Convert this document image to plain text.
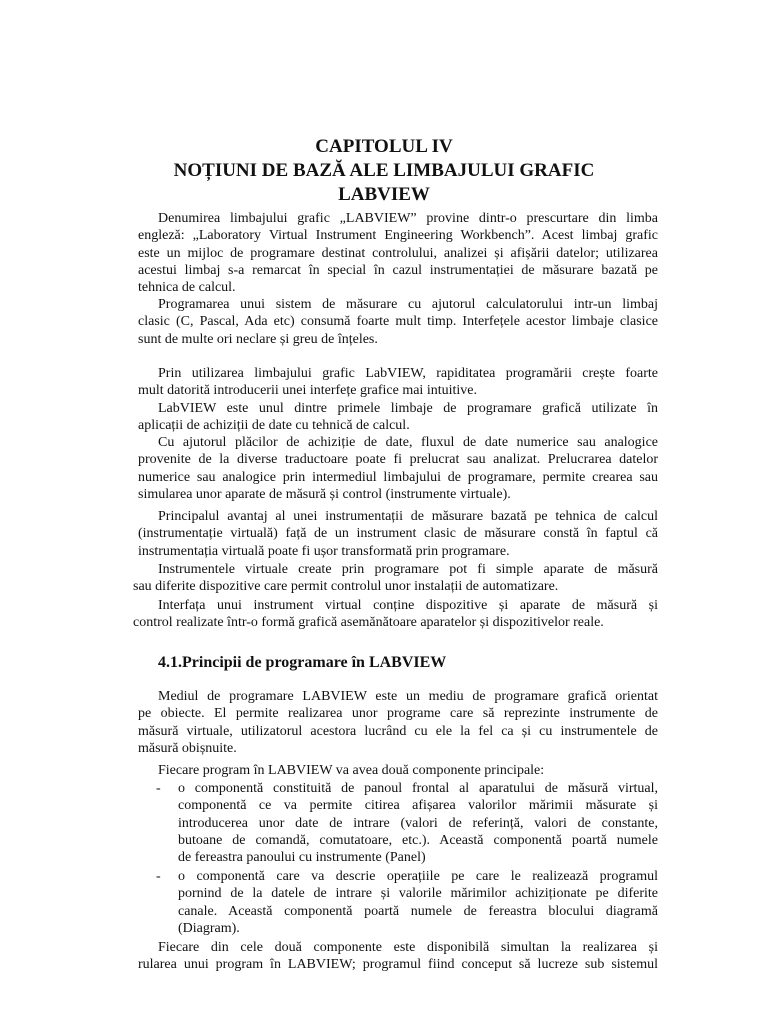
CAPITOLUL IV
NOȚIUNI DE BAZĂ ALE LIMBAJULUI GRAFIC
LABVIEW
Denumirea limbajului grafic „LABVIEW” provine dintr-o prescurtare din limba
engleză: „Laboratory Virtual Instrument Engineering Workbench”. Acest limbaj grafic
este un mijloc de programare destinat controlului, analizei și afișării datelor; utilizarea
acestui limbaj s-a remarcat în special în cazul instrumentației de măsurare bazată pe
tehnica de calcul.
Programarea unui sistem de măsurare cu ajutorul calculatorului intr-un limbaj
clasic (C, Pascal, Ada etc) consumă foarte mult timp. Interfețele acestor limbaje clasice
sunt de multe ori neclare și greu de înțeles.
Prin utilizarea limbajului grafic LabVIEW, rapiditatea programării crește foarte
mult datorită introducerii unei interfețe grafice mai intuitive.
LabVIEW este unul dintre primele limbaje de programare grafică utilizate în
aplicații de achiziții de date cu tehnică de calcul.
Cu ajutorul plăcilor de achiziție de date, fluxul de date numerice sau analogice
provenite de la diverse traductoare poate fi prelucrat sau analizat. Prelucrarea datelor
numerice sau analogice prin intermediul limbajului de programare, permite crearea sau
simularea unor aparate de măsură și control (instrumente virtuale).
Principalul avantaj al unei instrumentații de măsurare bazată pe tehnica de calcul
(instrumentație virtuală) față de un instrument clasic de măsurare constă în faptul că
instrumentația virtuală poate fi ușor transformată prin programare.
Instrumentele virtuale create prin programare pot fi simple aparate de măsură
sau diferite dispozitive care permit controlul unor instalații de automatizare.
Interfața unui instrument virtual conține dispozitive și aparate de măsură și
control realizate într-o formă grafică asemănătoare aparatelor și dispozitivelor reale.
4.1.Principii de programare în LABVIEW
Mediul de programare LABVIEW este un mediu de programare grafică orientat
pe obiecte. El permite realizarea unor programe care să reprezinte instrumente de
măsură virtuale, utilizatorul acestora lucrând cu ele la fel ca și cu instrumentele de
măsură obișnuite.
Fiecare program în LABVIEW va avea două componente principale:
- o componentă constituită de panoul frontal al aparatului de măsură virtual,
componentă ce va permite citirea afișarea valorilor mărimii măsurate și
introducerea unor date de intrare (valori de referință, valori de constante,
butoane de comandă, comutatoare, etc.). Această componentă poartă numele
de fereastra panoului cu instrumente (Panel)
- o componentă care va descrie operațiile pe care le realizează programul
pornind de la datele de intrare și valorile mărimilor achiziționate pe diferite
canale. Această componentă poartă numele de fereastra blocului diagramă
(Diagram).
Fiecare din cele două componente este disponibilă simultan la realizarea și
rularea unui program în LABVIEW; programul fiind conceput să lucreze sub sistemul
